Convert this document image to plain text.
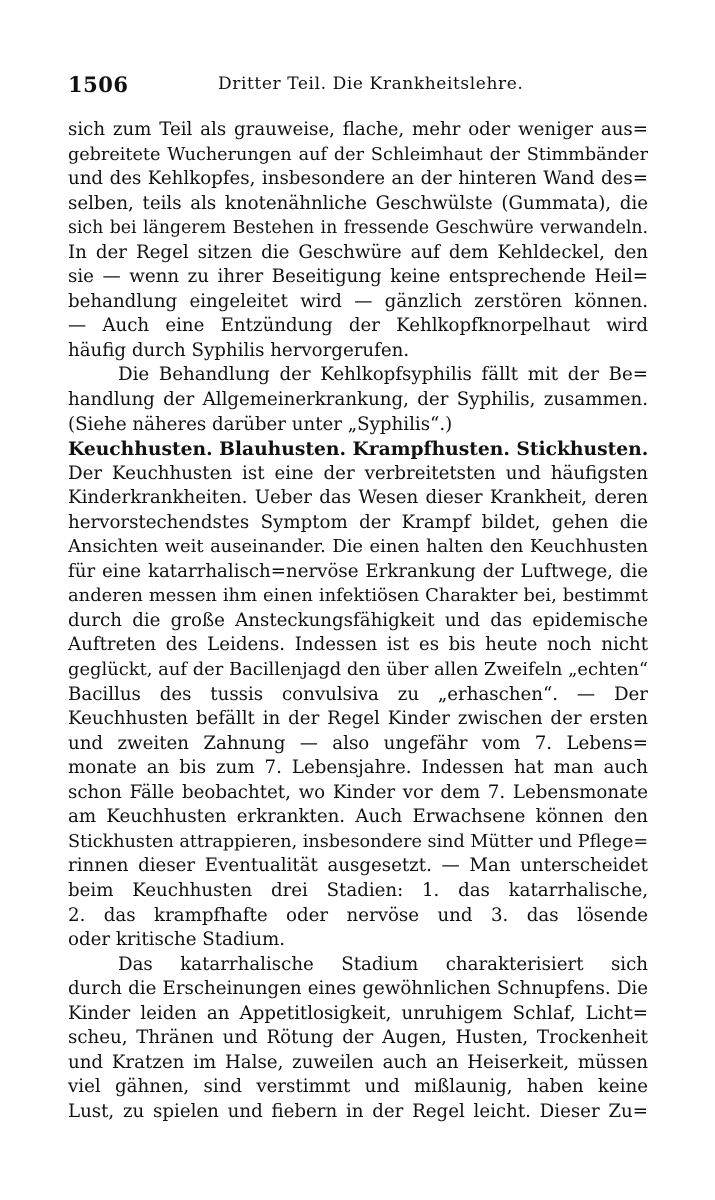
1506	Dritter Teil. Die Krankheitslehre.
sich zum Teil als grauweise, flache, mehr oder weniger aus=
gebreitete Wucherungen auf der Schleimhaut der Stimmbänder
und des Kehlkopfes, insbesondere an der hinteren Wand des=
selben, teils als knotenähnliche Geschwülste (Gummata), die
sich bei längerem Bestehen in fressende Geschwüre verwandeln.
In der Regel sitzen die Geschwüre auf dem Kehldeckel, den
sie — wenn zu ihrer Beseitigung keine entsprechende Heil=
behandlung eingeleitet wird — gänzlich zerstören können.
— Auch eine Entzündung der Kehlkopfknorpelhaut wird
häufig durch Syphilis hervorgerufen.
Die Behandlung der Kehlkopfsyphilis fällt mit der Be=
handlung der Allgemeinerkrankung, der Syphilis, zusammen.
(Siehe näheres darüber unter „Syphilis“.)
Keuchhusten. Blauhusten. Krampfhusten. Stickhusten.
Der Keuchhusten ist eine der verbreitetsten und häufigsten
Kinderkrankheiten. Ueber das Wesen dieser Krankheit, deren
hervorstechendstes Symptom der Krampf bildet, gehen die
Ansichten weit auseinander. Die einen halten den Keuchhusten
für eine katarrhalisch=nervöse Erkrankung der Luftwege, die
anderen messen ihm einen infektiösen Charakter bei, bestimmt
durch die große Ansteckungsfähigkeit und das epidemische
Auftreten des Leidens. Indessen ist es bis heute noch nicht
geglückt, auf der Bacillenjagd den über allen Zweifeln „echten“
Bacillus des tussis convulsiva zu „erhaschen“. — Der
Keuchhusten befällt in der Regel Kinder zwischen der ersten
und zweiten Zahnung — also ungefähr vom 7. Lebens=
monate an bis zum 7. Lebensjahre. Indessen hat man auch
schon Fälle beobachtet, wo Kinder vor dem 7. Lebensmonate
am Keuchhusten erkrankten. Auch Erwachsene können den
Stickhusten attrappieren, insbesondere sind Mütter und Pflege=
rinnen dieser Eventualität ausgesetzt. — Man unterscheidet
beim Keuchhusten drei Stadien: 1. das katarrhalische,
2. das krampfhafte oder nervöse und 3. das lösende
oder kritische Stadium.
Das katarrhalische Stadium charakterisiert sich
durch die Erscheinungen eines gewöhnlichen Schnupfens. Die
Kinder leiden an Appetitlosigkeit, unruhigem Schlaf, Licht=
scheu, Thränen und Rötung der Augen, Husten, Trockenheit
und Kratzen im Halse, zuweilen auch an Heiserkeit, müssen
viel gähnen, sind verstimmt und mißlaunig, haben keine
Lust, zu spielen und fiebern in der Regel leicht. Dieser Zu=
